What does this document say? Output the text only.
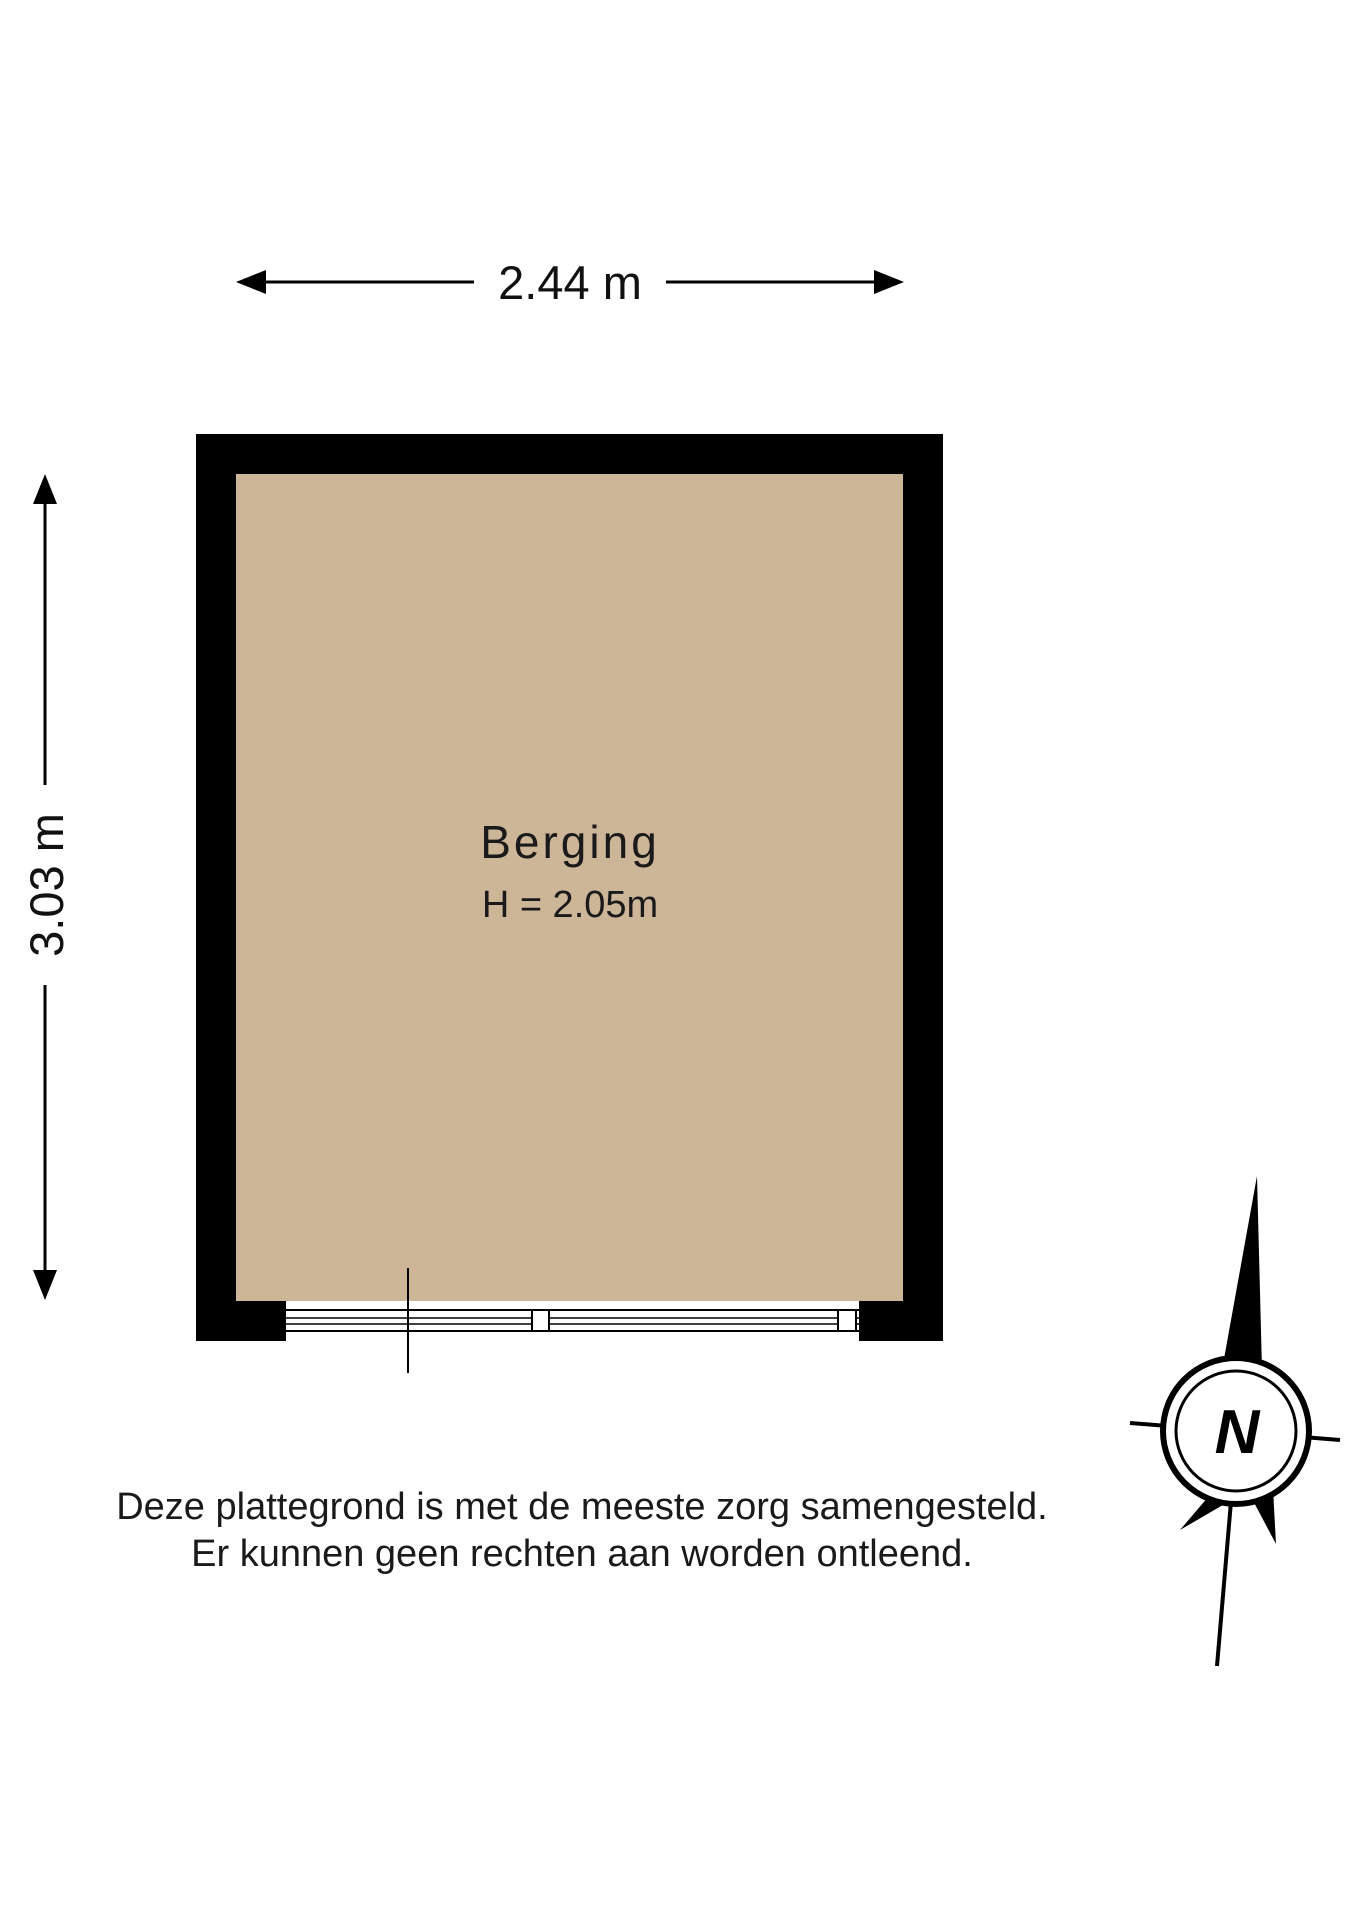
2.44 m
3.03 m	Berging
H = 2.05m
N
Deze plattegrond is met de meeste zorg samengesteld.
Er kunnen geen rechten aan worden ontleend.
